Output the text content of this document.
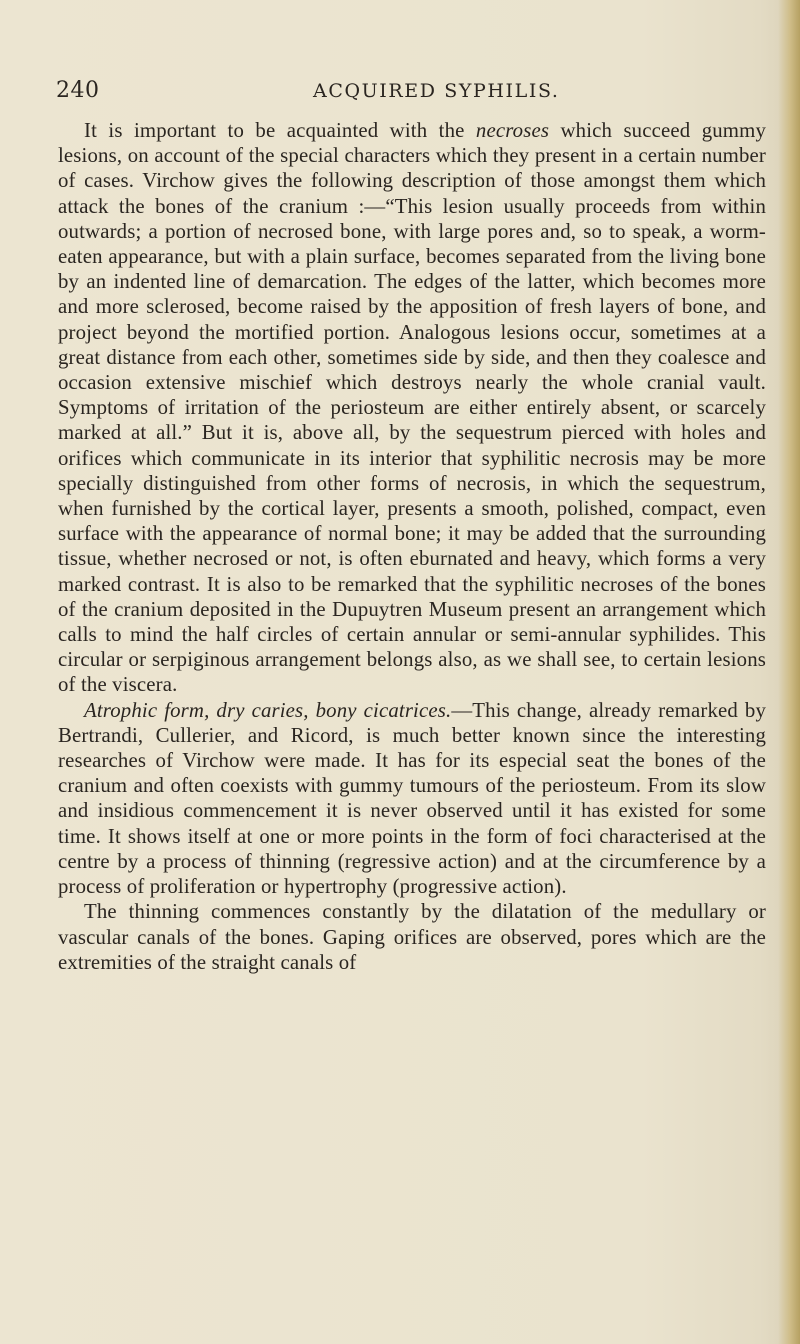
240	ACQUIRED SYPHILIS.

It is important to be acquainted with the necroses which succeed gummy lesions, on account of the special characters which they present in a certain number of cases. Virchow gives the following description of those amongst them which attack the bones of the cranium :—“This lesion usually proceeds from within outwards; a portion of necrosed bone, with large pores and, so to speak, a worm-eaten appearance, but with a plain surface, becomes separated from the living bone by an indented line of demarcation. The edges of the latter, which becomes more and more sclerosed, become raised by the apposition of fresh layers of bone, and project beyond the mortified portion. Analogous lesions occur, sometimes at a great distance from each other, sometimes side by side, and then they coalesce and occasion extensive mischief which destroys nearly the whole cranial vault. Symptoms of irritation of the periosteum are either entirely absent, or scarcely marked at all.” But it is, above all, by the sequestrum pierced with holes and orifices which communicate in its interior that syphilitic necrosis may be more specially distinguished from other forms of necrosis, in which the sequestrum, when furnished by the cortical layer, presents a smooth, polished, compact, even surface with the appearance of normal bone; it may be added that the surrounding tissue, whether necrosed or not, is often eburnated and heavy, which forms a very marked contrast. It is also to be remarked that the syphilitic necroses of the bones of the cranium deposited in the Dupuytren Museum present an arrangement which calls to mind the half circles of certain annular or semi-annular syphilides. This circular or serpiginous arrangement belongs also, as we shall see, to certain lesions of the viscera.

Atrophic form, dry caries, bony cicatrices.—This change, already remarked by Bertrandi, Cullerier, and Ricord, is much better known since the interesting researches of Virchow were made. It has for its especial seat the bones of the cranium and often coexists with gummy tumours of the periosteum. From its slow and insidious commencement it is never observed until it has existed for some time. It shows itself at one or more points in the form of foci characterised at the centre by a process of thinning (regressive action) and at the circumference by a process of proliferation or hypertrophy (progressive action).

The thinning commences constantly by the dilatation of the medullary or vascular canals of the bones. Gaping orifices are observed, pores which are the extremities of the straight canals of
